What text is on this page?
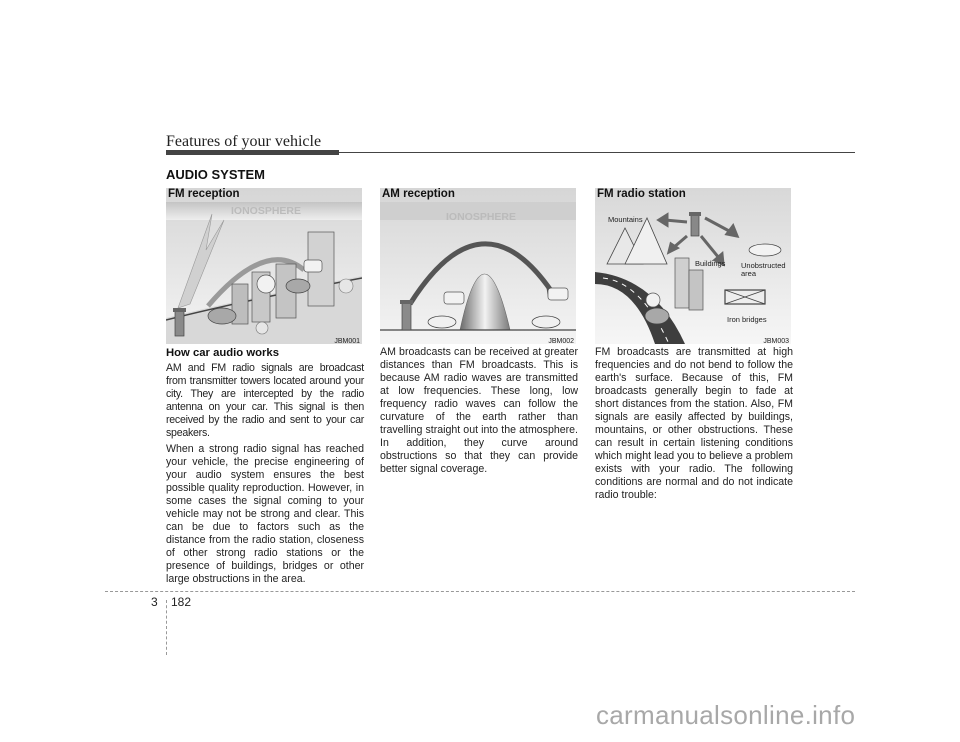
Features of your vehicle
AUDIO SYSTEM
IONOSPHERE
FM reception
JBM001
IONOSPHERE
AM reception
JBM002
Mountains
Buildings Unobstructed
area
Iron bridges
FM radio station
JBM003
How car audio works

AM and FM radio signals are broadcast from transmitter towers located around your city. They are intercepted by the radio antenna on your car. This signal is then received by the radio and sent to your car speakers.

When a strong radio signal has reached your vehicle, the precise engineering of your audio system ensures the best possible quality reproduction. However, in some cases the signal coming to your vehicle may not be strong and clear. This can be due to factors such as the distance from the radio station, closeness of other strong radio stations or the presence of buildings, bridges or other large obstructions in the area.

AM broadcasts can be received at greater distances than FM broadcasts. This is because AM radio waves are transmitted at low frequencies. These long, low frequency radio waves can follow the curvature of the earth rather than travelling straight out into the atmosphere. In addition, they curve around obstructions so that they can provide better signal coverage.

FM broadcasts are transmitted at high frequencies and do not bend to follow the earth's surface. Because of this, FM broadcasts generally begin to fade at short distances from the station. Also, FM signals are easily affected by buildings, mountains, or other obstructions. These can result in certain listening conditions which might lead you to believe a problem exists with your radio. The following conditions are normal and do not indicate radio trouble:

3 182
carmanualsonline.info
